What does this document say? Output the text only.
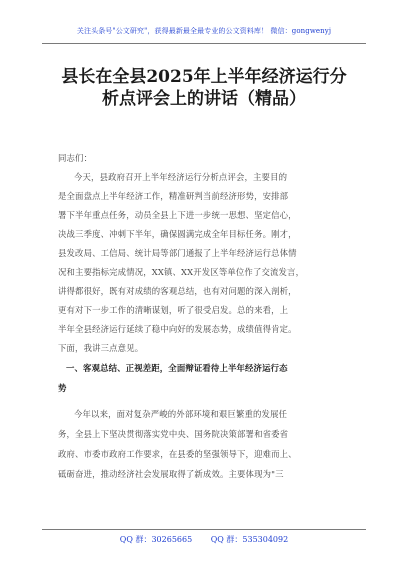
关注头条号"公文研究"，获得最新最全最专业的公文资料库！ 微信：gongwenyj
县长在全县2025年上半年经济运行分
析点评会上的讲话（精品）
同志们：
今天，县政府召开上半年经济运行分析点评会，主要目的
是全面盘点上半年经济工作，精准研判当前经济形势，安排部
署下半年重点任务，动员全县上下进一步统一思想、坚定信心，
决战三季度、冲刺下半年，确保圆满完成全年目标任务。刚才，
县发改局、工信局、统计局等部门通报了上半年经济运行总体情
况和主要指标完成情况，XX镇、XX开发区等单位作了交流发言，
讲得都很好，既有对成绩的客观总结，也有对问题的深入剖析，
更有对下一步工作的清晰谋划，听了很受启发。总的来看，上
半年全县经济运行延续了稳中向好的发展态势，成绩值得肯定。
下面，我讲三点意见。
一、客观总结、正视差距，全面辩证看待上半年经济运行态
势
今年以来，面对复杂严峻的外部环境和艰巨繁重的发展任
务，全县上下坚决贯彻落实党中央、国务院决策部署和省委省
政府、市委市政府工作要求，在县委的坚强领导下，迎难而上、
砥砺奋进，推动经济社会发展取得了新成效。主要体现为"三
QQ 群：30265665 QQ 群：535304092
